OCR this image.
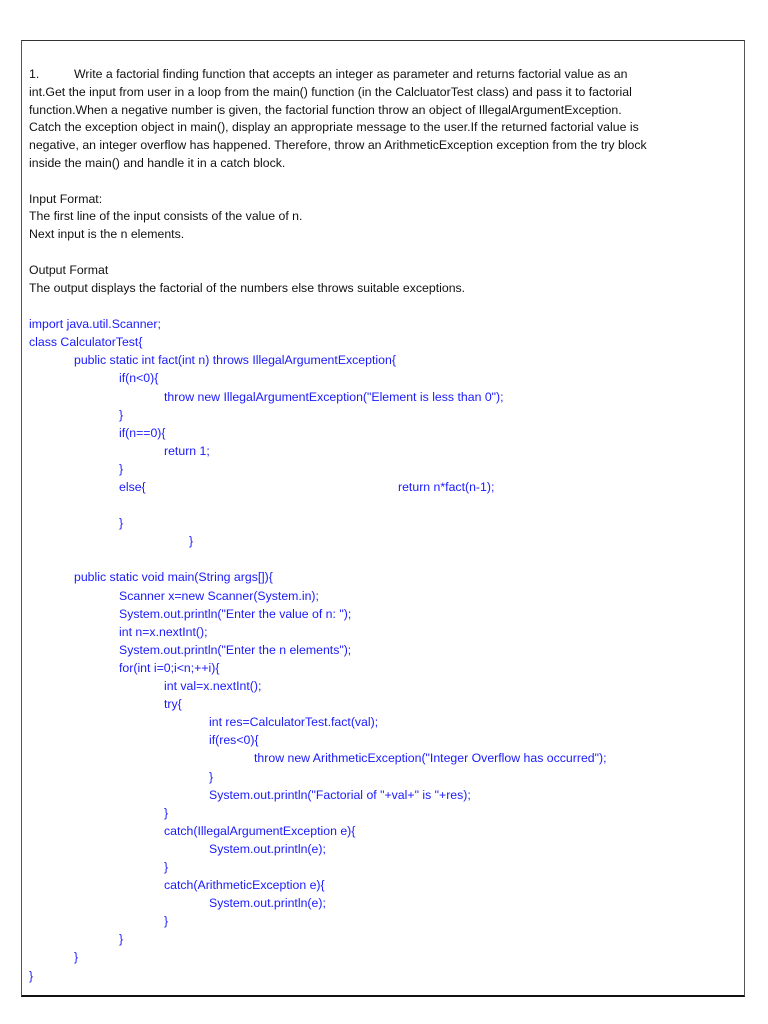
1.	Write a factorial finding function that accepts an integer as parameter and returns factorial value as an

int.Get the input from user in a loop from the main() function (in the CalcluatorTest class) and pass it to factorial

function.When a negative number is given, the factorial function throw an object of IllegalArgumentException.

Catch the exception object in main(), display an appropriate message to the user.If the returned factorial value is

negative, an integer overflow has happened. Therefore, throw an ArithmeticException exception from the try block

inside the main() and handle it in a catch block.

Input Format:

The first line of the input consists of the value of n.

Next input is the n elements.

Output Format

The output displays the factorial of the numbers else throws suitable exceptions.

import java.util.Scanner;
class CalculatorTest{
public static int fact(int n) throws IllegalArgumentException{
if(n<0){
throw new IllegalArgumentException("Element is less than 0");
}
if(n==0){
return 1;
}
else{	return n*fact(n-1);
}
}
public static void main(String args[]){
Scanner x=new Scanner(System.in);
System.out.println("Enter the value of n: ");
int n=x.nextInt();
System.out.println("Enter the n elements");
for(int i=0;i<n;++i){
int val=x.nextInt();
try{
int res=CalculatorTest.fact(val);
if(res<0){
throw new ArithmeticException("Integer Overflow has occurred");
}
System.out.println("Factorial of "+val+" is "+res);
}
catch(IllegalArgumentException e){
System.out.println(e);
}
catch(ArithmeticException e){
System.out.println(e);
}
}
}
}
